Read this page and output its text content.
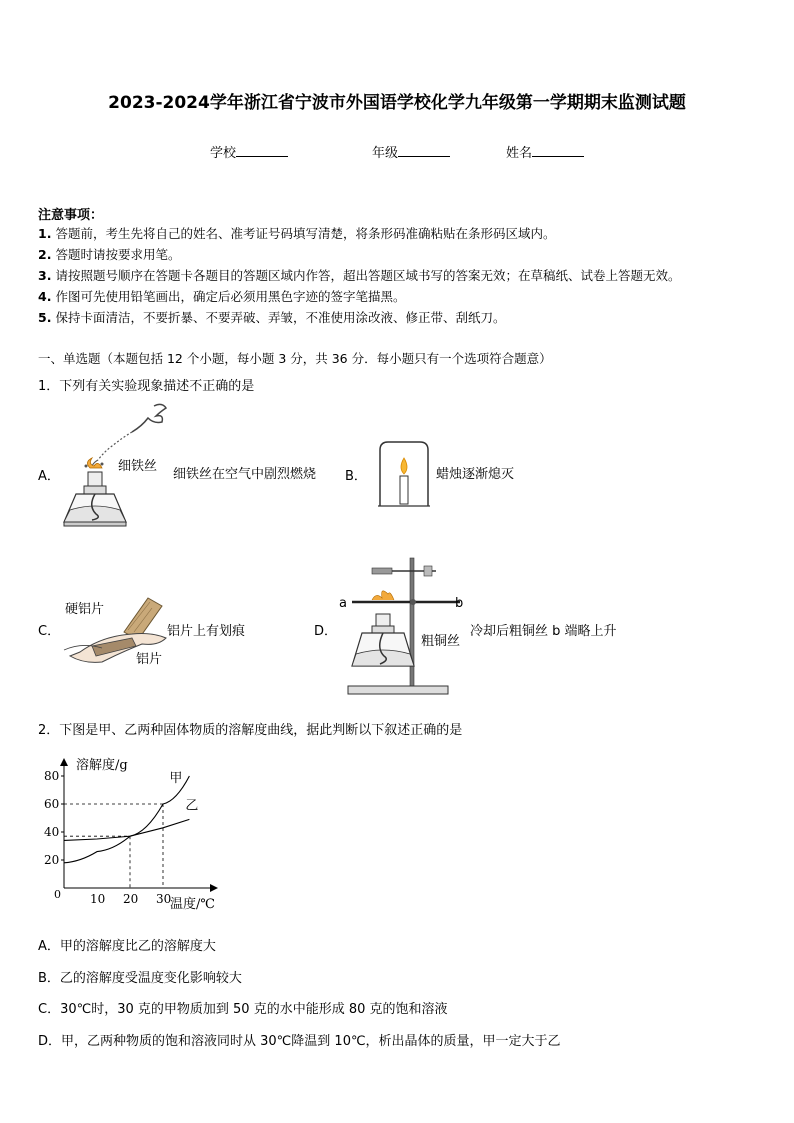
2023-2024学年浙江省宁波市外国语学校化学九年级第一学期期末监测试题
学校	年级	姓名
注意事项：
1. 答题前，考生先将自己的姓名、准考证号码填写清楚，将条形码准确粘贴在条形码区域内。
2. 答题时请按要求用笔。
3. 请按照题号顺序在答题卡各题目的答题区域内作答，超出答题区域书写的答案无效；在草稿纸、试卷上答题无效。
4. 作图可先使用铅笔画出，确定后必须用黑色字迹的签字笔描黑。
5. 保持卡面清洁，不要折暴、不要弄破、弄皱，不准使用涂改液、修正带、刮纸刀。
一、单选题（本题包括 12 个小题，每小题 3 分，共 36 分．每小题只有一个选项符合题意）
1．下列有关实验现象描述不正确的是
A．
细铁丝
细铁丝在空气中剧烈燃烧 B．	蜡烛逐渐熄灭
C．
硬铝片
铝片
铝片上有划痕	D．
a	b
粗铜丝
冷却后粗铜丝 b 端略上升
2．下图是甲、乙两种固体物质的溶解度曲线，据此判断以下叙述正确的是
溶解度/g
温度/℃
0 10 20 30
20
40
60
80	甲
乙
A．甲的溶解度比乙的溶解度大
B．乙的溶解度受温度变化影响较大
C．30℃时，30 克的甲物质加到 50 克的水中能形成 80 克的饱和溶液
D．甲，乙两种物质的饱和溶液同时从 30℃降温到 10℃，析出晶体的质量，甲一定大于乙
